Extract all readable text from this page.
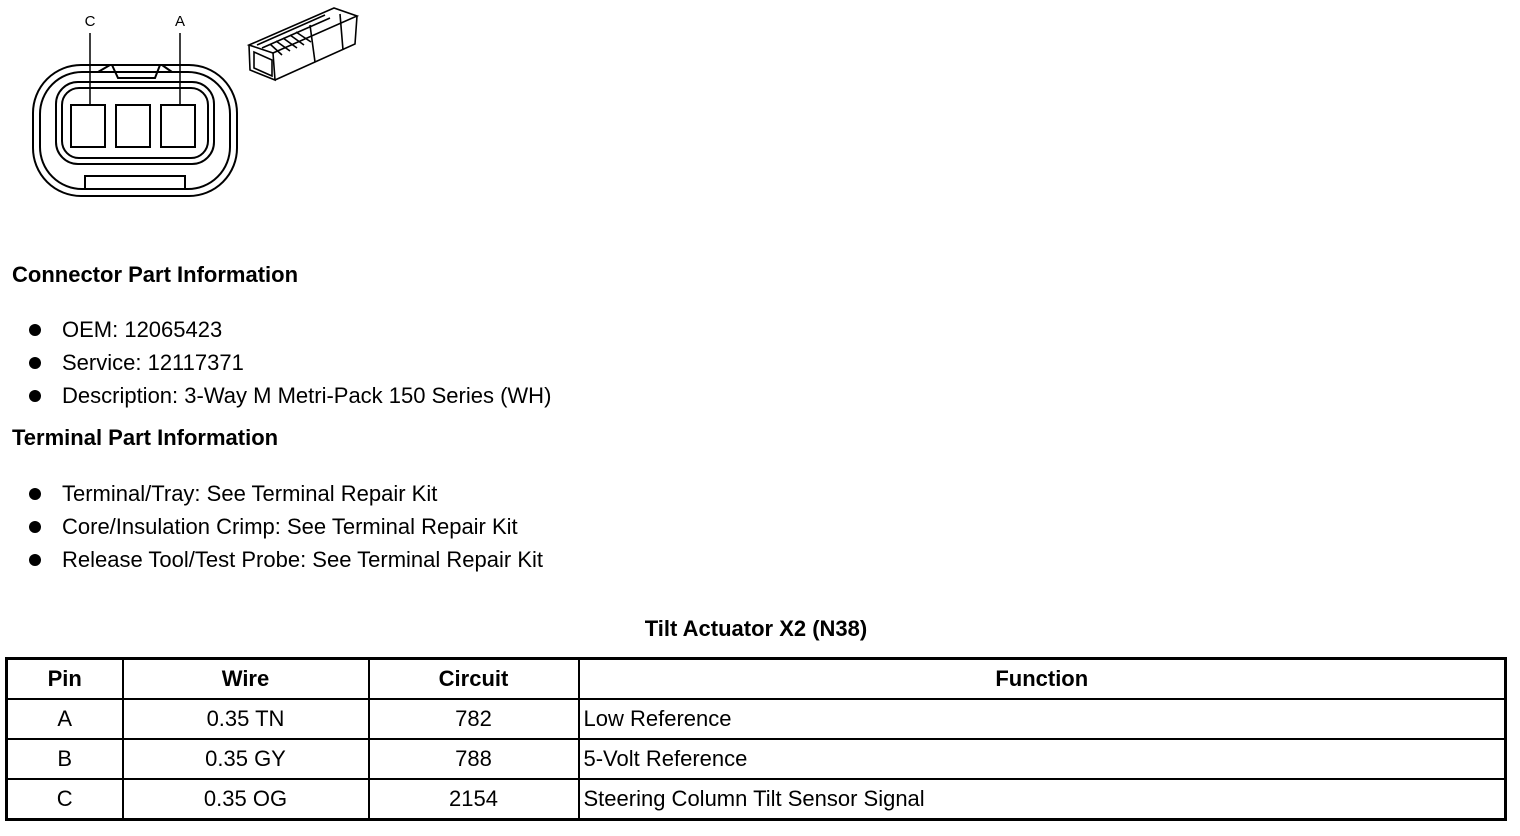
C	A
Connector Part Information
OEM: 12065423
Service: 12117371
Description: 3-Way M Metri-Pack 150 Series (WH)
Terminal Part Information
Terminal/Tray: See Terminal Repair Kit
Core/Insulation Crimp: See Terminal Repair Kit
Release Tool/Test Probe: See Terminal Repair Kit
Tilt Actuator X2 (N38)
Pin	Wire	Circuit	Function
A	0.35 TN	782	Low Reference
B	0.35 GY	788	5-Volt Reference
C	0.35 OG	2154	Steering Column Tilt Sensor Signal
